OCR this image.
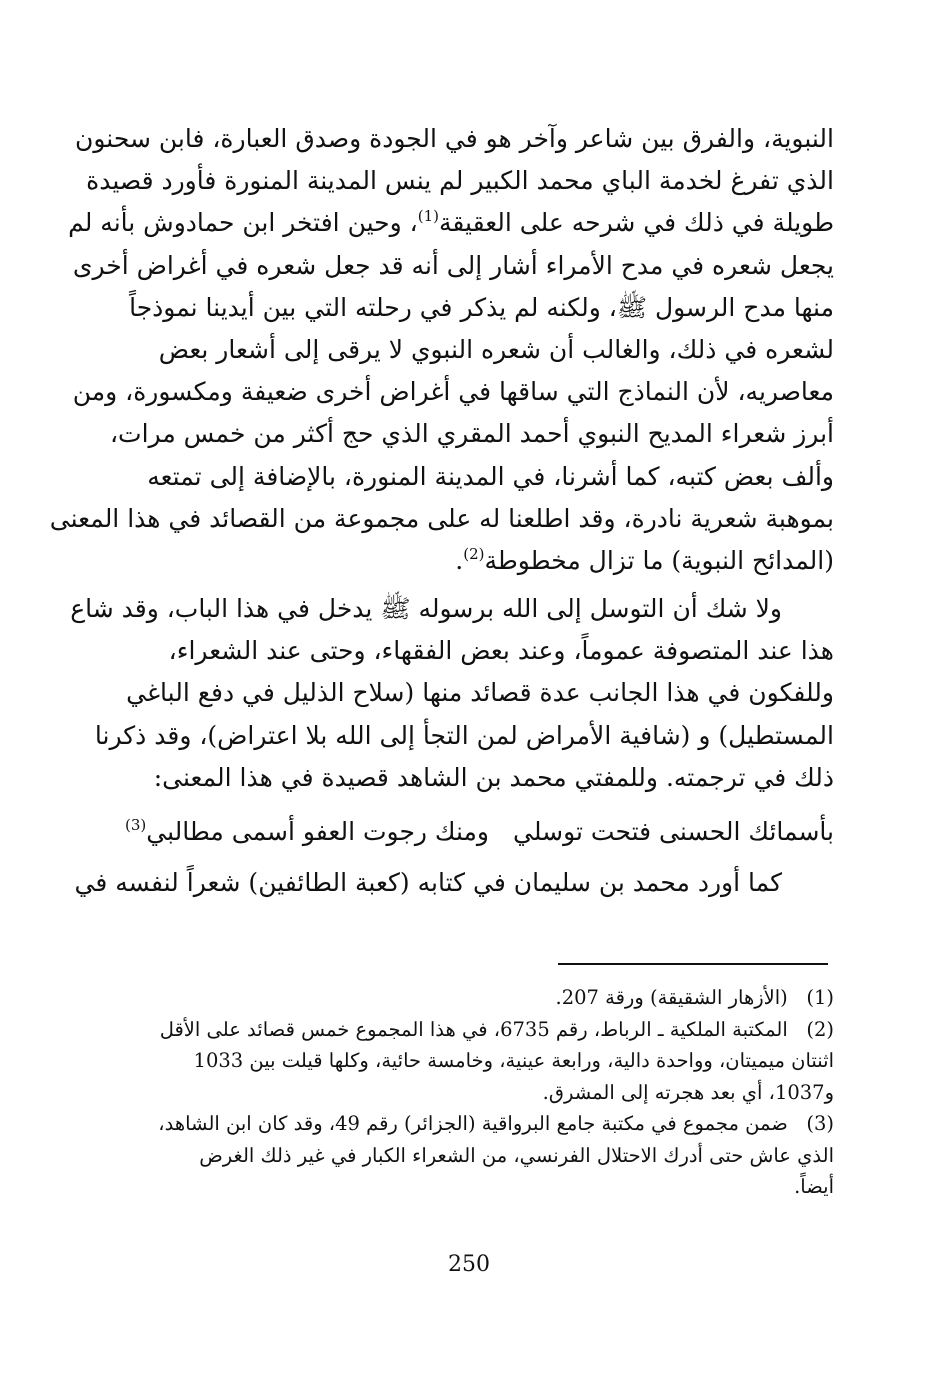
النبوية، والفرق بين شاعر وآخر هو في الجودة وصدق العبارة، فابن سحنون
الذي تفرغ لخدمة الباي محمد الكبير لم ينس المدينة المنورة فأورد قصيدة
طويلة في ذلك في شرحه على العقيقة$^{(1)}$، وحين افتخر ابن حمادوش بأنه لم
يجعل شعره في مدح الأمراء أشار إلى أنه قد جعل شعره في أغراض أخرى
منها مدح الرسول ﷺ، ولكنه لم يذكر في رحلته التي بين أيدينا نموذجاً
لشعره في ذلك، والغالب أن شعره النبوي لا يرقى إلى أشعار بعض
معاصريه، لأن النماذج التي ساقها في أغراض أخرى ضعيفة ومكسورة، ومن
أبرز شعراء المديح النبوي أحمد المقري الذي حج أكثر من خمس مرات،
وألف بعض كتبه، كما أشرنا، في المدينة المنورة، بالإضافة إلى تمتعه
بموهبة شعرية نادرة، وقد اطلعنا له على مجموعة من القصائد في هذا المعنى
(المدائح النبوية) ما تزال مخطوطة$^{(2)}$.
ولا شك أن التوسل إلى الله برسوله ﷺ يدخل في هذا الباب، وقد شاع
هذا عند المتصوفة عموماً، وعند بعض الفقهاء، وحتى عند الشعراء،
وللفكون في هذا الجانب عدة قصائد منها (سلاح الذليل في دفع الباغي
المستطيل) و (شافية الأمراض لمن التجأ إلى الله بلا اعتراض)، وقد ذكرنا
ذلك في ترجمته. وللمفتي محمد بن الشاهد قصيدة في هذا المعنى:
بأسمائك الحسنى فتحت توسليومنك رجوت العفو أسمى مطالبي$^{(3)}$
كما أورد محمد بن سليمان في كتابه (كعبة الطائفين) شعراً لنفسه في
(1) (الأزهار الشقيقة) ورقة 207.
(2) المكتبة الملكية ـ الرباط، رقم 6735، في هذا المجموع خمس قصائد على الأقل
اثنتان ميميتان، وواحدة دالية، ورابعة عينية، وخامسة حائية، وكلها قيلت بين 1033
و1037، أي بعد هجرته إلى المشرق.
(3) ضمن مجموع في مكتبة جامع البرواقية (الجزائر) رقم 49، وقد كان ابن الشاهد،
الذي عاش حتى أدرك الاحتلال الفرنسي، من الشعراء الكبار في غير ذلك الغرض
أيضاً.
250
